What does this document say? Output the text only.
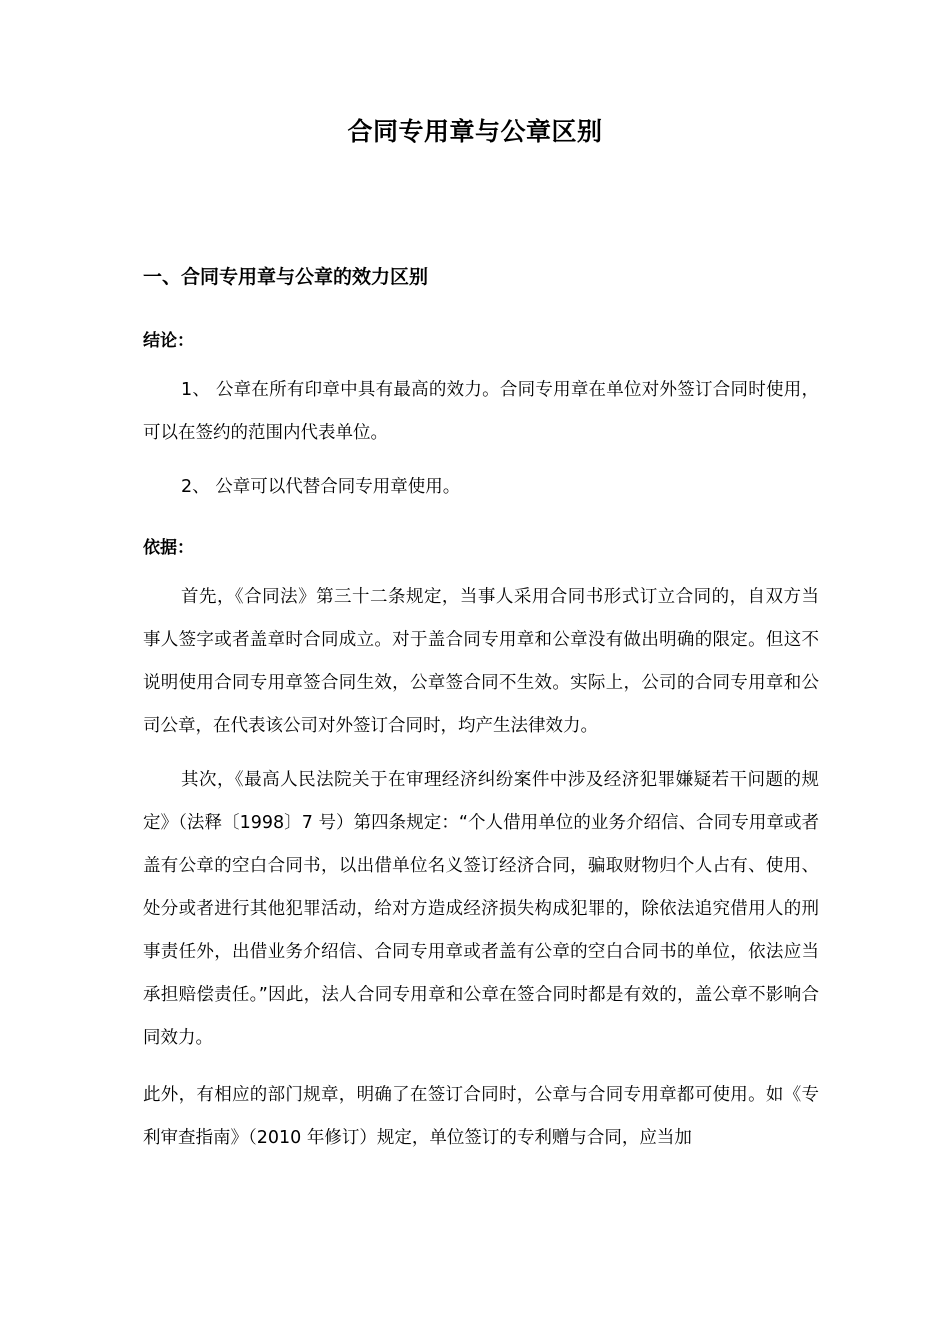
合同专用章与公章区别
一、合同专用章与公章的效力区别
结论：

1、 公章在所有印章中具有最高的效力。合同专用章在单位对外签订合同时使用，可以在签约的范围内代表单位。

2、 公章可以代替合同专用章使用。

依据：

首先，《合同法》第三十二条规定，当事人采用合同书形式订立合同的，自双方当事人签字或者盖章时合同成立。对于盖合同专用章和公章没有做出明确的限定。但这不说明使用合同专用章签合同生效，公章签合同不生效。实际上，公司的合同专用章和公司公章，在代表该公司对外签订合同时，均产生法律效力。

其次，《最高人民法院关于在审理经济纠纷案件中涉及经济犯罪嫌疑若干问题的规定》（法释〔1998〕7 号）第四条规定：“个人借用单位的业务介绍信、合同专用章或者盖有公章的空白合同书，以出借单位名义签订经济合同，骗取财物归个人占有、使用、处分或者进行其他犯罪活动，给对方造成经济损失构成犯罪的，除依法追究借用人的刑事责任外，出借业务介绍信、合同专用章或者盖有公章的空白合同书的单位，依法应当承担赔偿责任。”因此，法人合同专用章和公章在签合同时都是有效的，盖公章不影响合同效力。

此外，有相应的部门规章，明确了在签订合同时，公章与合同专用章都可使用。如《专利审查指南》（2010 年修订）规定，单位签订的专利赠与合同，应当加
